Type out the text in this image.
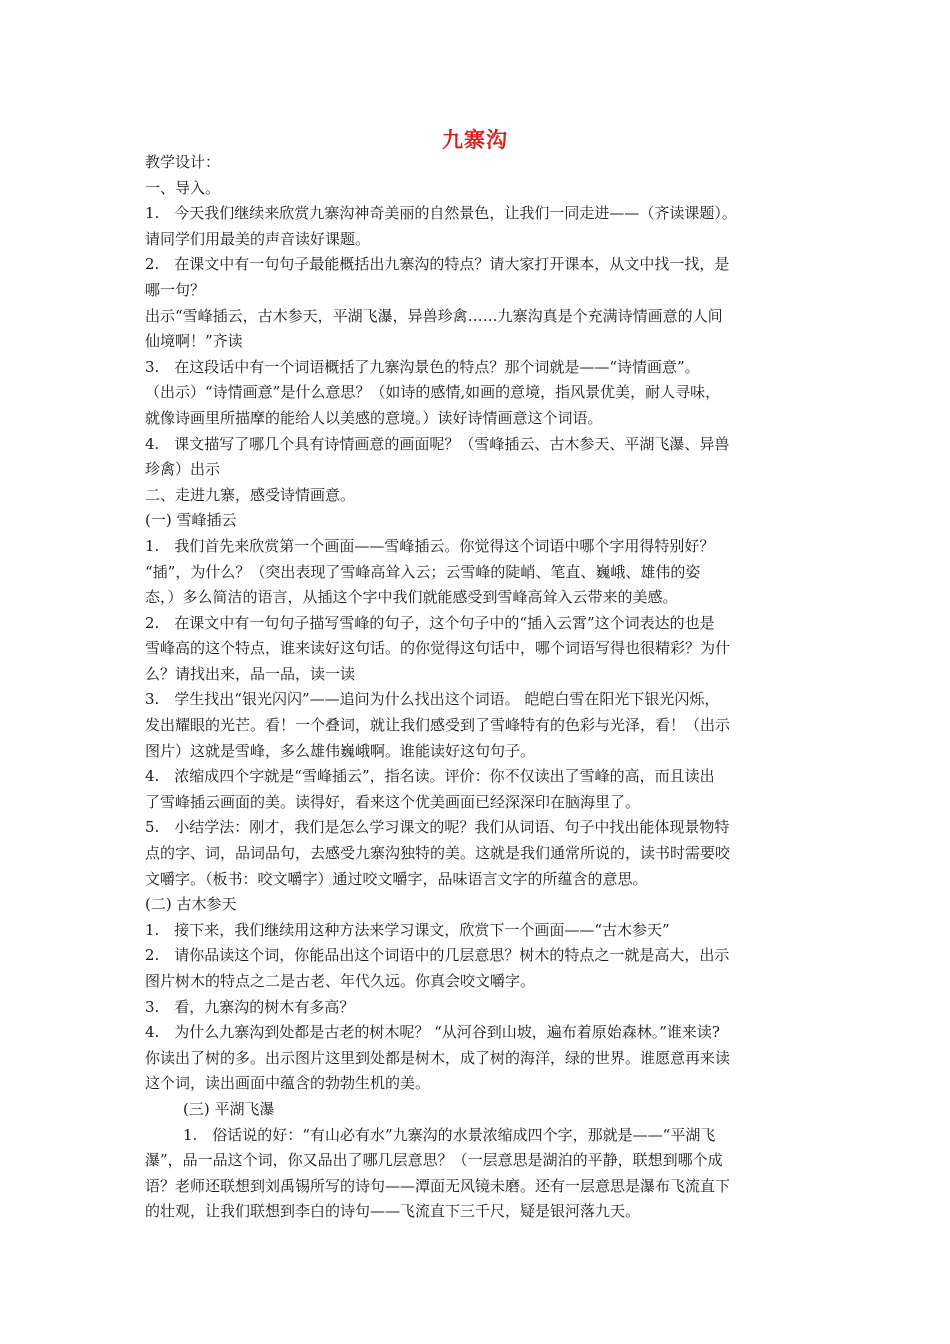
九寨沟
教学设计：
一、导入。
1.　今天我们继续来欣赏九寨沟神奇美丽的自然景色，让我们一同走进——（齐读课题）。
请同学们用最美的声音读好课题。
2.　在课文中有一句句子最能概括出九寨沟的特点？请大家打开课本，从文中找一找，是
哪一句？
出示“雪峰插云，古木参天，平湖飞瀑，异兽珍禽……九寨沟真是个充满诗情画意的人间
仙境啊！”齐读
3.　在这段话中有一个词语概括了九寨沟景色的特点？那个词就是——“诗情画意”。
（出示）“诗情画意”是什么意思？（如诗的感情,如画的意境，指风景优美，耐人寻味，
就像诗画里所描摩的能给人以美感的意境。）读好诗情画意这个词语。
4.　课文描写了哪几个具有诗情画意的画面呢？（雪峰插云、古木参天、平湖飞瀑、异兽
珍禽）出示
二、走进九寨，感受诗情画意。
(一) 雪峰插云
1.　我们首先来欣赏第一个画面——雪峰插云。你觉得这个词语中哪个字用得特别好？
“插”，为什么？（突出表现了雪峰高耸入云；云雪峰的陡峭、笔直、巍峨、雄伟的姿
态，）多么简洁的语言，从插这个字中我们就能感受到雪峰高耸入云带来的美感。
2.　在课文中有一句句子描写雪峰的句子，这个句子中的“插入云霄”这个词表达的也是
雪峰高的这个特点，谁来读好这句话。的你觉得这句话中，哪个词语写得也很精彩？为什
么？请找出来，品一品，读一读
3.　学生找出“银光闪闪”——追问为什么找出这个词语。 皑皑白雪在阳光下银光闪烁，
发出耀眼的光芒。看！一个叠词，就让我们感受到了雪峰特有的色彩与光泽，看！（出示
图片）这就是雪峰，多么雄伟巍峨啊。谁能读好这句句子。
4.　浓缩成四个字就是“雪峰插云”，指名读。评价：你不仅读出了雪峰的高，而且读出
了雪峰插云画面的美。读得好，看来这个优美画面已经深深印在脑海里了。
5.　小结学法：刚才，我们是怎么学习课文的呢？我们从词语、句子中找出能体现景物特
点的字、词，品词品句，去感受九寨沟独特的美。这就是我们通常所说的，读书时需要咬
文嚼字。（板书：咬文嚼字）通过咬文嚼字，品味语言文字的所蕴含的意思。
(二) 古木参天
1.　接下来，我们继续用这种方法来学习课文，欣赏下一个画面——“古木参天”
2.　请你品读这个词，你能品出这个词语中的几层意思？树木的特点之一就是高大，出示
图片树木的特点之二是古老、年代久远。你真会咬文嚼字。
3.　看，九寨沟的树木有多高？
4.　为什么九寨沟到处都是古老的树木呢？ “从河谷到山坡，遍布着原始森林。”谁来读?
你读出了树的多。出示图片这里到处都是树木，成了树的海洋，绿的世界。谁愿意再来读
这个词，读出画面中蕴含的勃勃生机的美。
(三) 平湖飞瀑
1.　俗话说的好：“有山必有水”九寨沟的水景浓缩成四个字，那就是——“平湖飞
瀑”，品一品这个词，你又品出了哪几层意思？（一层意思是湖泊的平静，联想到哪个成
语？老师还联想到刘禹锡所写的诗句——潭面无风镜未磨。还有一层意思是瀑布飞流直下
的壮观，让我们联想到李白的诗句——飞流直下三千尺，疑是银河落九天。
